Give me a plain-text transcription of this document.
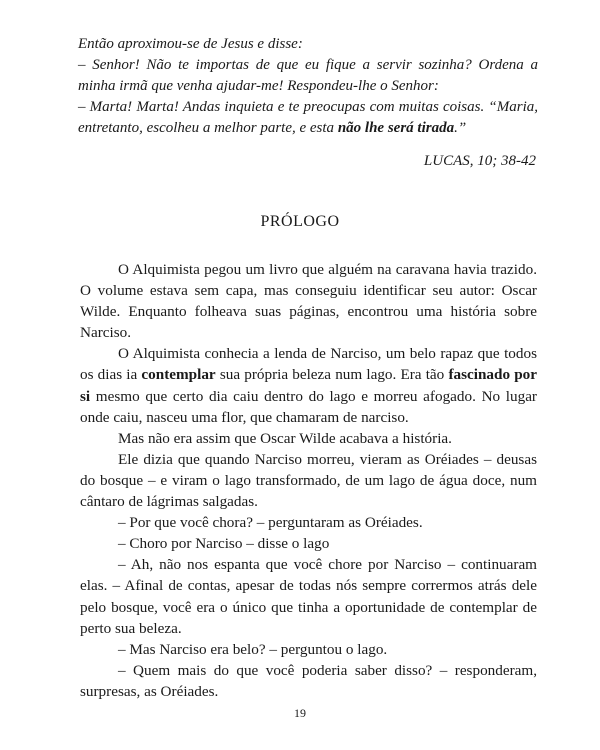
Então aproximou-se de Jesus e disse:

– Senhor! Não te importas de que eu fique a servir sozinha? Ordena a minha irmã que venha ajudar-me! Respondeu-lhe o Senhor:

– Marta! Marta! Andas inquieta e te preocupas com muitas coisas. “Maria, entretanto, escolheu a melhor parte, e esta não lhe será tirada.”

LUCAS, 10; 38-42
PRÓLOGO

O Alquimista pegou um livro que alguém na caravana havia trazido. O volume estava sem capa, mas conseguiu identificar seu autor: Oscar Wilde. Enquanto folheava suas páginas, encontrou uma história sobre Narciso.

O Alquimista conhecia a lenda de Narciso, um belo rapaz que todos os dias ia contemplar sua própria beleza num lago. Era tão fascinado por si mesmo que certo dia caiu dentro do lago e morreu afogado. No lugar onde caiu, nasceu uma flor, que chamaram de narciso.

Mas não era assim que Oscar Wilde acabava a história.

Ele dizia que quando Narciso morreu, vieram as Oréiades – deusas do bosque – e viram o lago transformado, de um lago de água doce, num cântaro de lágrimas salgadas.

– Por que você chora? – perguntaram as Oréiades.

– Choro por Narciso – disse o lago

– Ah, não nos espanta que você chore por Narciso – continuaram elas. – Afinal de contas, apesar de todas nós sempre corrermos atrás dele pelo bosque, você era o único que tinha a oportunidade de contemplar de perto sua beleza.

– Mas Narciso era belo? – perguntou o lago.

– Quem mais do que você poderia saber disso? – responderam, surpresas, as Oréiades.

19
